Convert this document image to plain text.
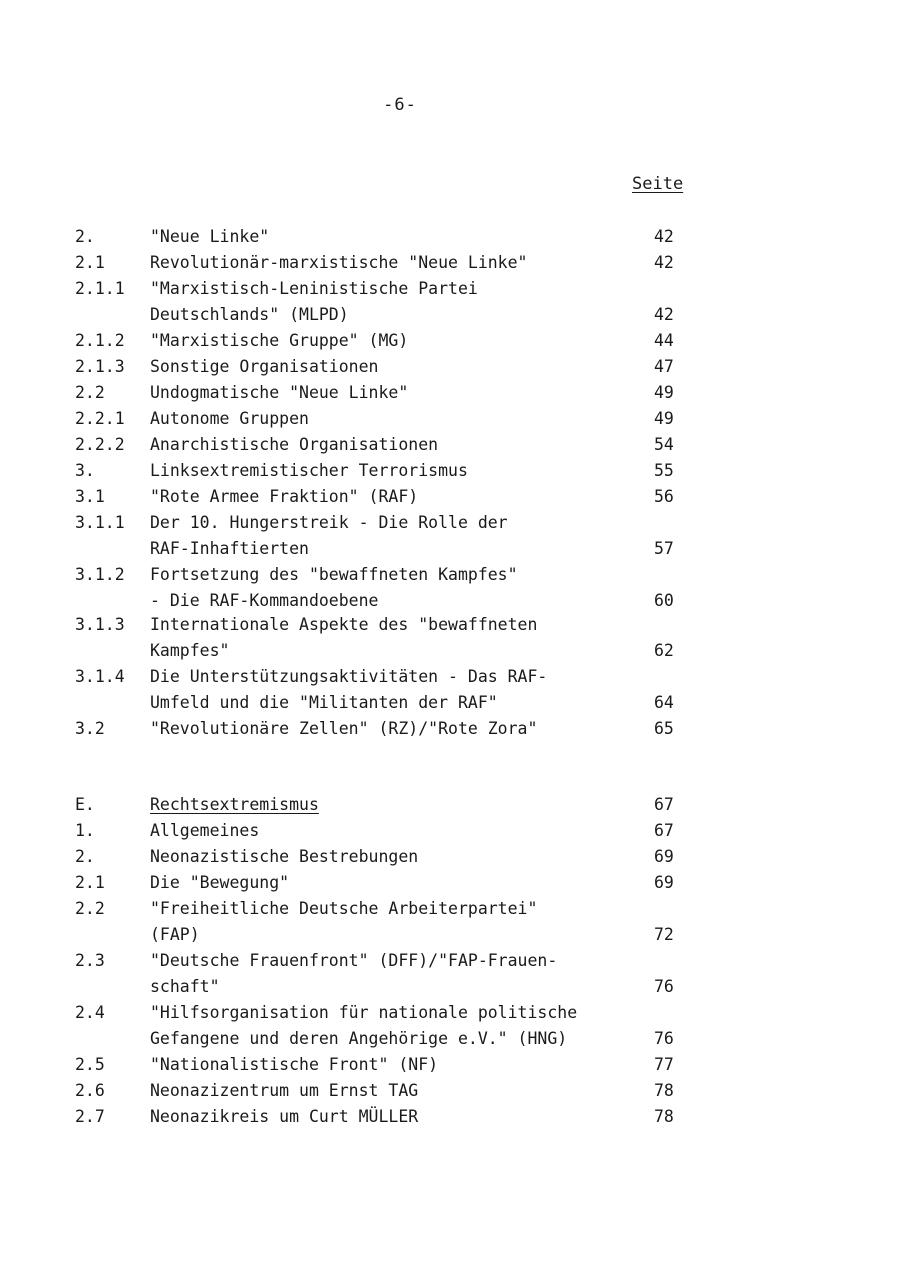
-6-
Seite
2.	"Neue Linke"	42
2.1	Revolutionär-marxistische "Neue Linke"	42
2.1.1 "Marxistisch-Leninistische Partei
Deutschlands" (MLPD)	42
2.1.2 "Marxistische Gruppe" (MG)	44
2.1.3 Sonstige Organisationen	47
2.2	Undogmatische "Neue Linke"	49
2.2.1 Autonome Gruppen	49
2.2.2 Anarchistische Organisationen	54
3.	Linksextremistischer Terrorismus	55
3.1	"Rote Armee Fraktion" (RAF)	56
3.1.1 Der 10. Hungerstreik - Die Rolle der
RAF-Inhaftierten	57
3.1.2 Fortsetzung des "bewaffneten Kampfes"
- Die RAF-Kommandoebene	60
3.1.3 Internationale Aspekte des "bewaffneten
Kampfes"	62
3.1.4 Die Unterstützungsaktivitäten - Das RAF-
Umfeld und die "Militanten der RAF"	64
3.2	"Revolutionäre Zellen" (RZ)/"Rote Zora"	65
E.	Rechtsextremismus	67
1.	Allgemeines	67
2.	Neonazistische Bestrebungen	69
2.1	Die "Bewegung"	69
2.2	"Freiheitliche Deutsche Arbeiterpartei"
(FAP)	72
2.3	"Deutsche Frauenfront" (DFF)/"FAP-Frauen-
schaft"	76
2.4	"Hilfsorganisation für nationale politische
Gefangene und deren Angehörige e.V." (HNG)	76
2.5	"Nationalistische Front" (NF)	77
2.6	Neonazizentrum um Ernst TAG	78
2.7	Neonazikreis um Curt MÜLLER	78
